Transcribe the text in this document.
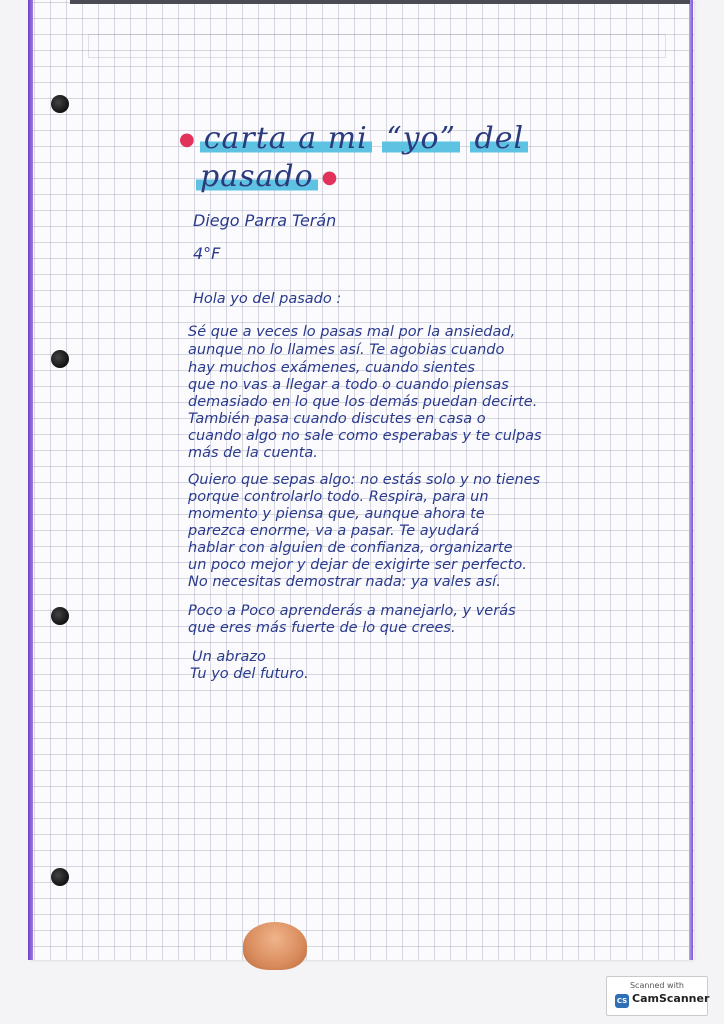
● carta a mi “yo” del
pasado ●
Diego Parra Terán
4°F
Hola yo del pasado :
Sé que a veces lo pasas mal por la ansiedad,
aunque no lo llames así. Te agobias cuando
hay muchos exámenes, cuando sientes
que no vas a llegar a todo o cuando piensas
demasiado en lo que los demás puedan decirte.
También pasa cuando discutes en casa o
cuando algo no sale como esperabas y te culpas
más de la cuenta.
Quiero que sepas algo: no estás solo y no tienes
porque controlarlo todo. Respira, para un
momento y piensa que, aunque ahora te
parezca enorme, va a pasar. Te ayudará
hablar con alguien de confianza, organizarte
un poco mejor y dejar de exigirte ser perfecto.
No necesitas demostrar nada: ya vales así.
Poco a Poco aprenderás a manejarlo, y verás
que eres más fuerte de lo que crees.
Un abrazo
Tu yo del futuro.
Scanned with
CS CamScanner
